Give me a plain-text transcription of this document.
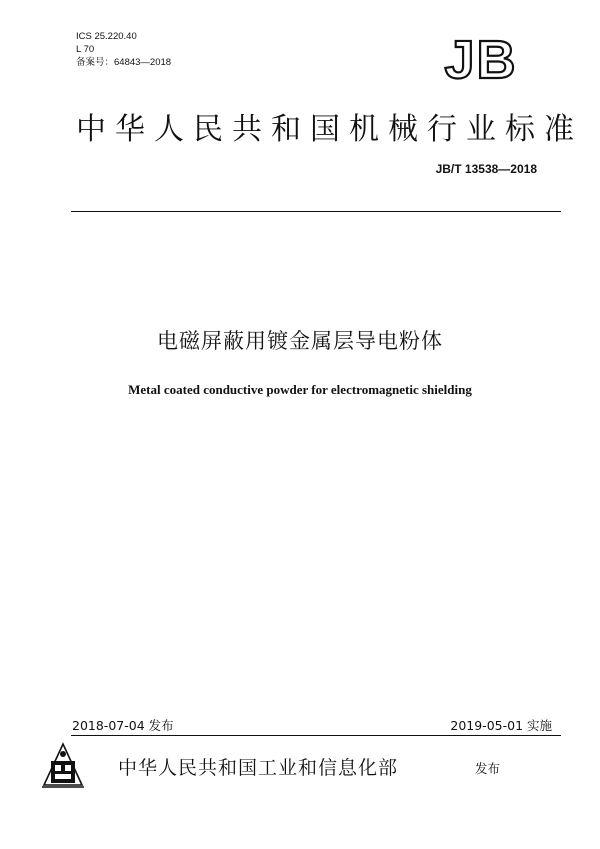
ICS 25.220.40
L 70
备案号：64843—2018	JB
中华人民共和国机械行业标准
JB/T 13538—2018
电磁屏蔽用镀金属层导电粉体
Metal coated conductive powder for electromagnetic shielding
2018-07-04 发布	2019-05-01 实施
中华人民共和国工业和信息化部	发布
